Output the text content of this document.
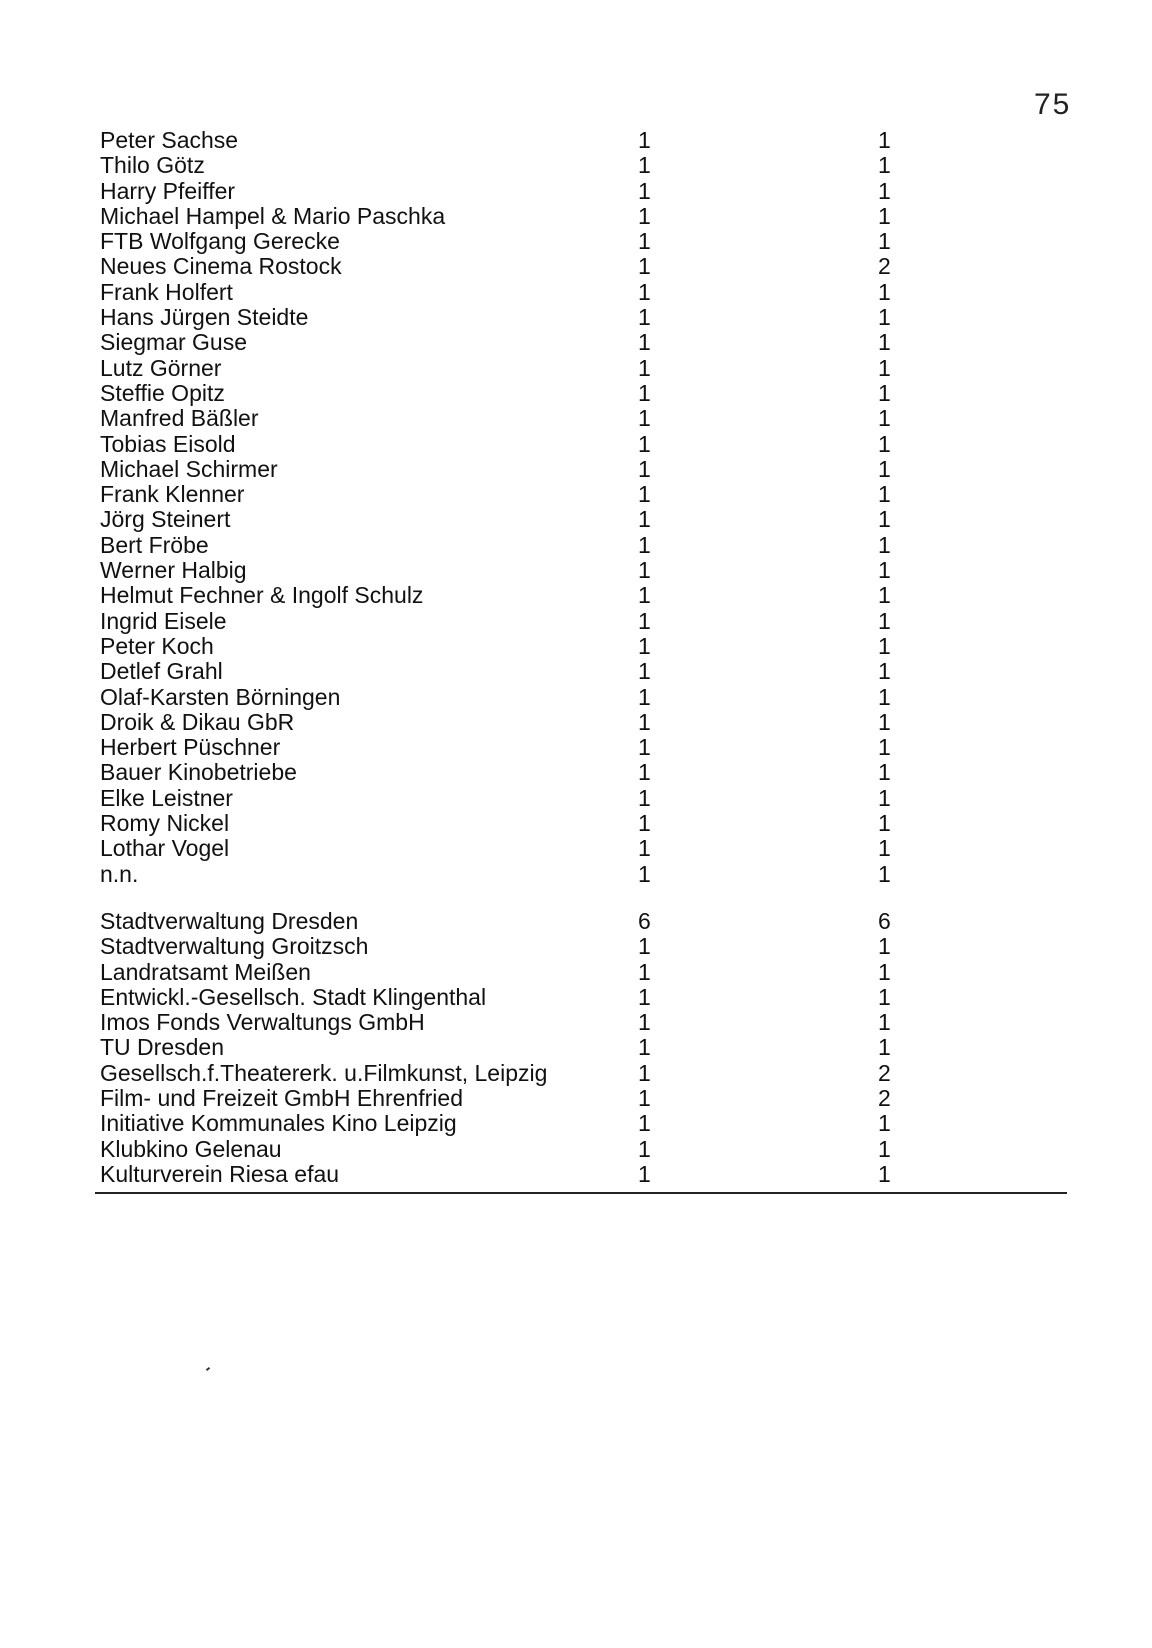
75
Peter Sachse	1	1
Thilo Götz	1	1
Harry Pfeiffer	1	1
Michael Hampel & Mario Paschka	1	1
FTB Wolfgang Gerecke	1	1
Neues Cinema Rostock	1	2
Frank Holfert	1	1
Hans Jürgen Steidte	1	1
Siegmar Guse	1	1
Lutz Görner	1	1
Steffie Opitz	1	1
Manfred Bäßler	1	1
Tobias Eisold	1	1
Michael Schirmer	1	1
Frank Klenner	1	1
Jörg Steinert	1	1
Bert Fröbe	1	1
Werner Halbig	1	1
Helmut Fechner & Ingolf Schulz	1	1
Ingrid Eisele	1	1
Peter Koch	1	1
Detlef Grahl	1	1
Olaf-Karsten Börningen	1	1
Droik & Dikau GbR	1	1
Herbert Püschner	1	1
Bauer Kinobetriebe	1	1
Elke Leistner	1	1
Romy Nickel	1	1
Lothar Vogel	1	1
n.n.	1	1
Stadtverwaltung Dresden	6	6
Stadtverwaltung Groitzsch	1	1
Landratsamt Meißen	1	1
Entwickl.-Gesellsch. Stadt Klingenthal	1	1
Imos Fonds Verwaltungs GmbH	1	1
TU Dresden	1	1
Gesellsch.f.Theatererk. u.Filmkunst, Leipzig	1	2
Film- und Freizeit GmbH Ehrenfried	1	2
Initiative Kommunales Kino Leipzig	1	1
Klubkino Gelenau	1	1
Kulturverein Riesa efau	1	1
